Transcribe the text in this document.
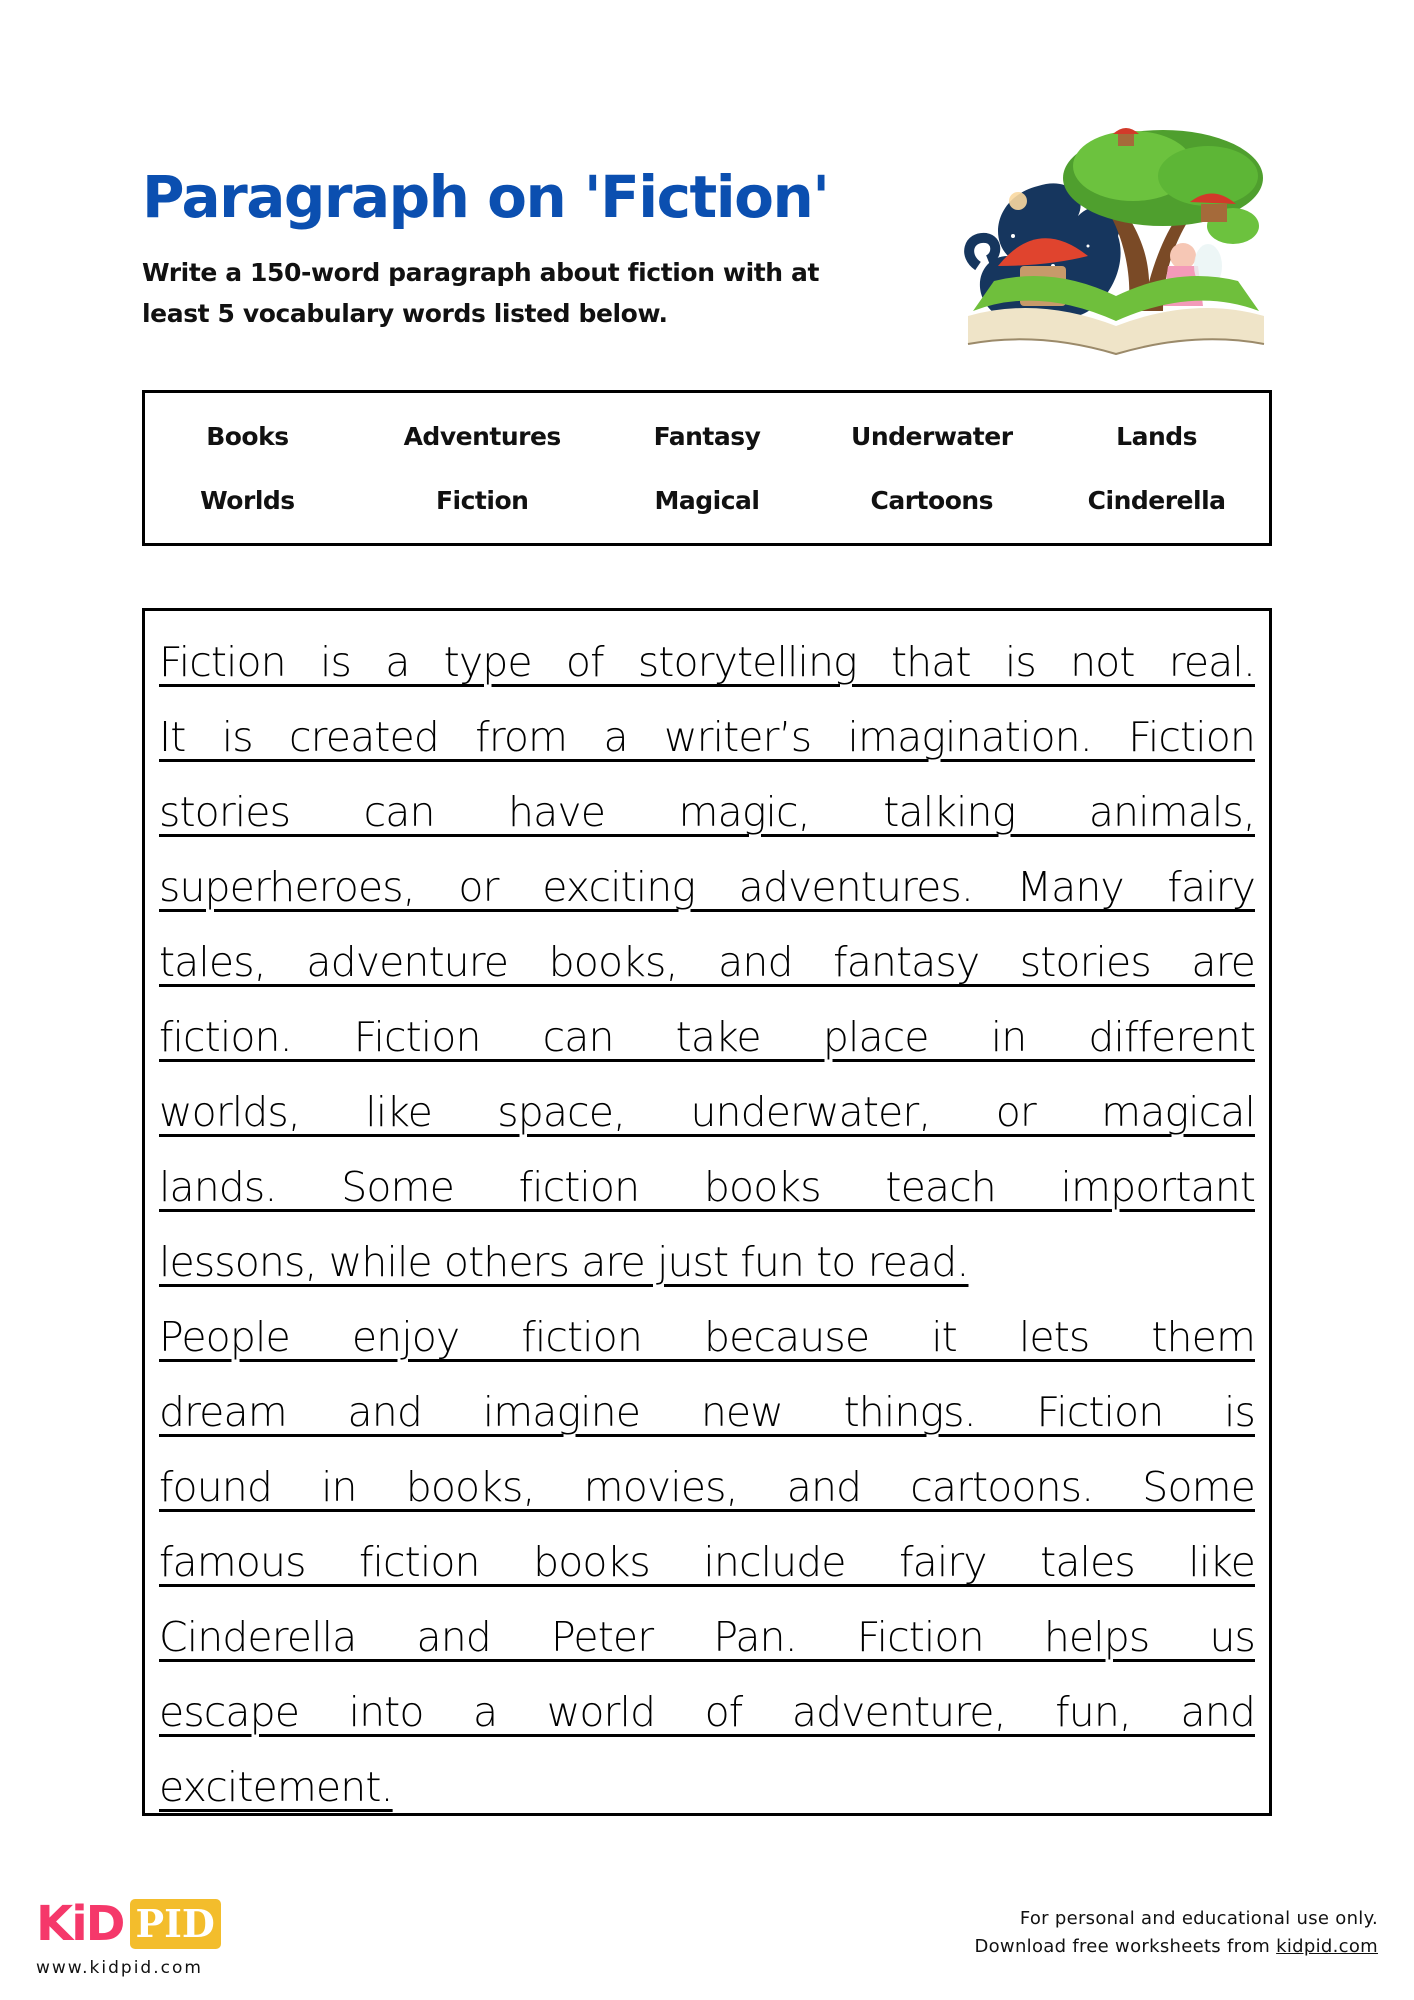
Paragraph on 'Fiction'

Write a 150-word paragraph about fiction with at least 5 vocabulary words listed below.

Books	Adventures	Fantasy	Underwater	Lands
Worlds	Fiction	Magical	Cartoons	Cinderella
Fiction is a type of storytelling that is not real.
It is created from a writer’s imagination. Fiction
stories can have magic, talking animals,
superheroes, or exciting adventures. Many fairy
tales, adventure books, and fantasy stories are
fiction. Fiction can take place in different
worlds, like space, underwater, or magical
lands. Some fiction books teach important
lessons, while others are just fun to read.
People enjoy fiction because it lets them
dream and imagine new things. Fiction is
found in books, movies, and cartoons. Some
famous fiction books include fairy tales like
Cinderella and Peter Pan. Fiction helps us
escape into a world of adventure, fun, and
excitement.
KiD PID
www.kidpid.com
For personal and educational use only.
Download free worksheets from kidpid.com
